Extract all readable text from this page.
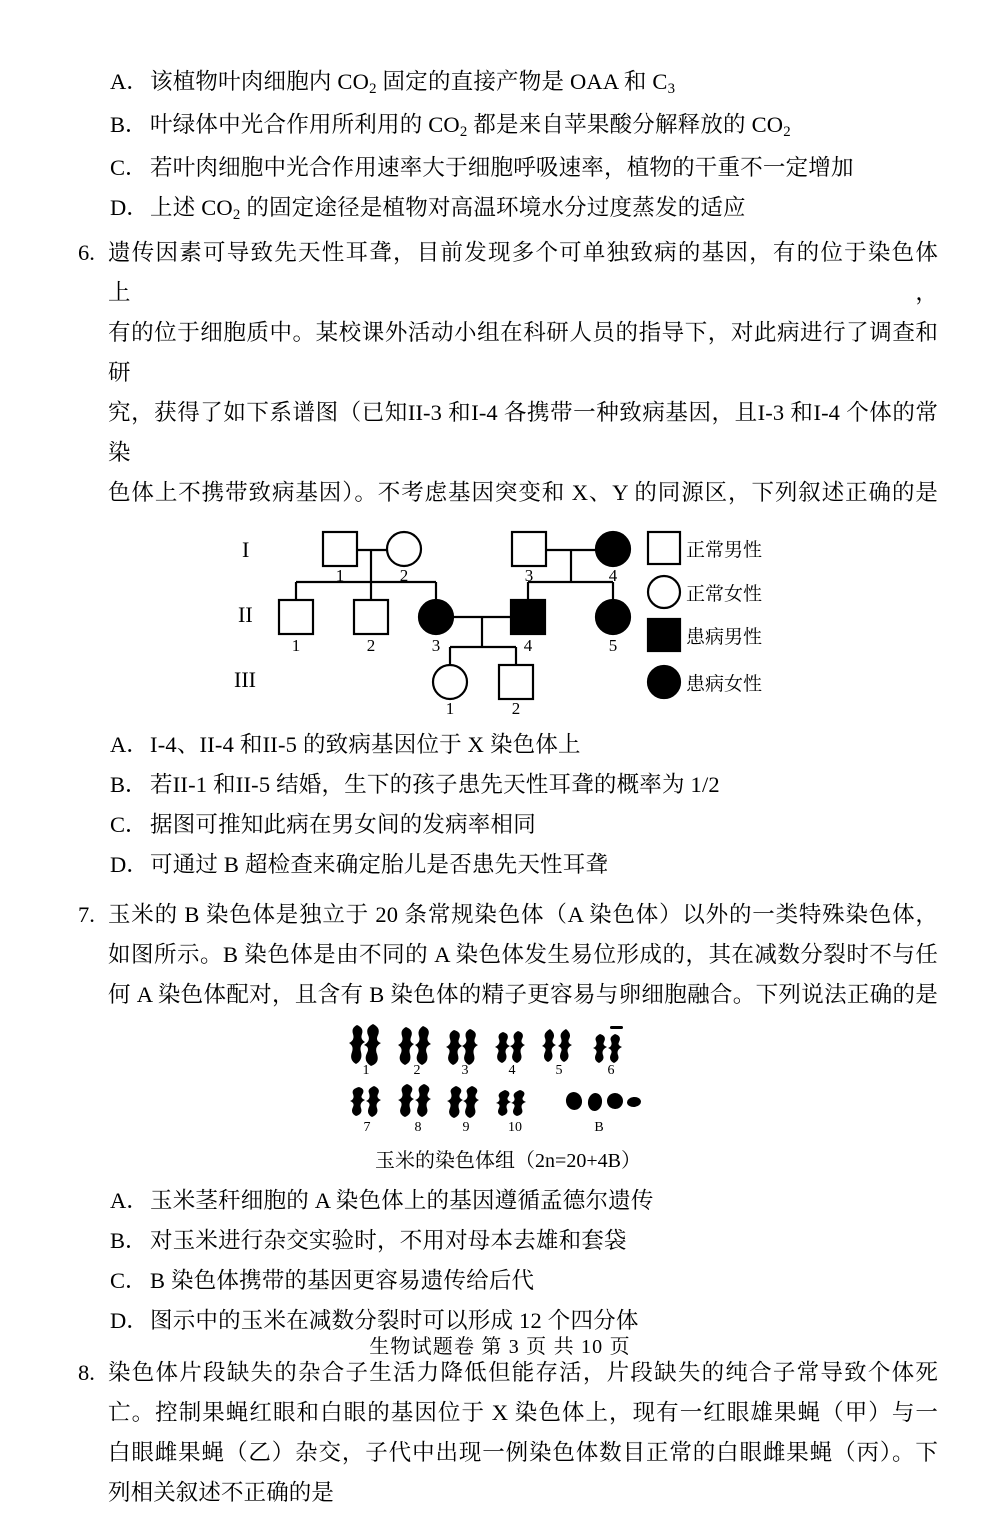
A． 该植物叶肉细胞内 $CO_2$ 固定的直接产物是 OAA 和 $C_3$
B． 叶绿体中光合作用所利用的 $CO_2$ 都是来自苹果酸分解释放的 $CO_2$
C． 若叶肉细胞中光合作用速率大于细胞呼吸速率，植物的干重不一定增加
D． 上述 $CO_2$ 的固定途径是植物对高温环境水分过度蒸发的适应
6. 遗传因素可导致先天性耳聋，目前发现多个可单独致病的基因，有的位于染色体上，
有的位于细胞质中。某校课外活动小组在科研人员的指导下，对此病进行了调查和研
究，获得了如下系谱图（已知II-3 和I-4 各携带一种致病基因，且I-3 和I-4 个体的常染
色体上不携带致病基因）。不考虑基因突变和 X、Y 的同源区，下列叙述正确的是
I
II
III
1	2	3	4
1	2	3	4	5
1	2
正常男性
正常女性
患病男性
患病女性
A． I-4、II-4 和II-5 的致病基因位于 X 染色体上
B． 若II-1 和II-5 结婚，生下的孩子患先天性耳聋的概率为 1/2
C． 据图可推知此病在男女间的发病率相同
D． 可通过 B 超检查来确定胎儿是否患先天性耳聋
7. 玉米的 B 染色体是独立于 20 条常规染色体（A 染色体）以外的一类特殊染色体，
如图所示。B 染色体是由不同的 A 染色体发生易位形成的，其在减数分裂时不与任
何 A 染色体配对，且含有 B 染色体的精子更容易与卵细胞融合。下列说法正确的是
1	2	3	4	5	6
7	8	9	10	B
玉米的染色体组（2n=20+4B）
A． 玉米茎秆细胞的 A 染色体上的基因遵循孟德尔遗传
B． 对玉米进行杂交实验时，不用对母本去雄和套袋
C． B 染色体携带的基因更容易遗传给后代
D． 图示中的玉米在减数分裂时可以形成 12 个四分体
8. 染色体片段缺失的杂合子生活力降低但能存活，片段缺失的纯合子常导致个体死
亡。控制果蝇红眼和白眼的基因位于 X 染色体上，现有一红眼雄果蝇（甲）与一
白眼雌果蝇（乙）杂交，子代中出现一例染色体数目正常的白眼雌果蝇（丙）。下
列相关叙述不正确的是
生物试题卷 第 3 页 共 10 页
